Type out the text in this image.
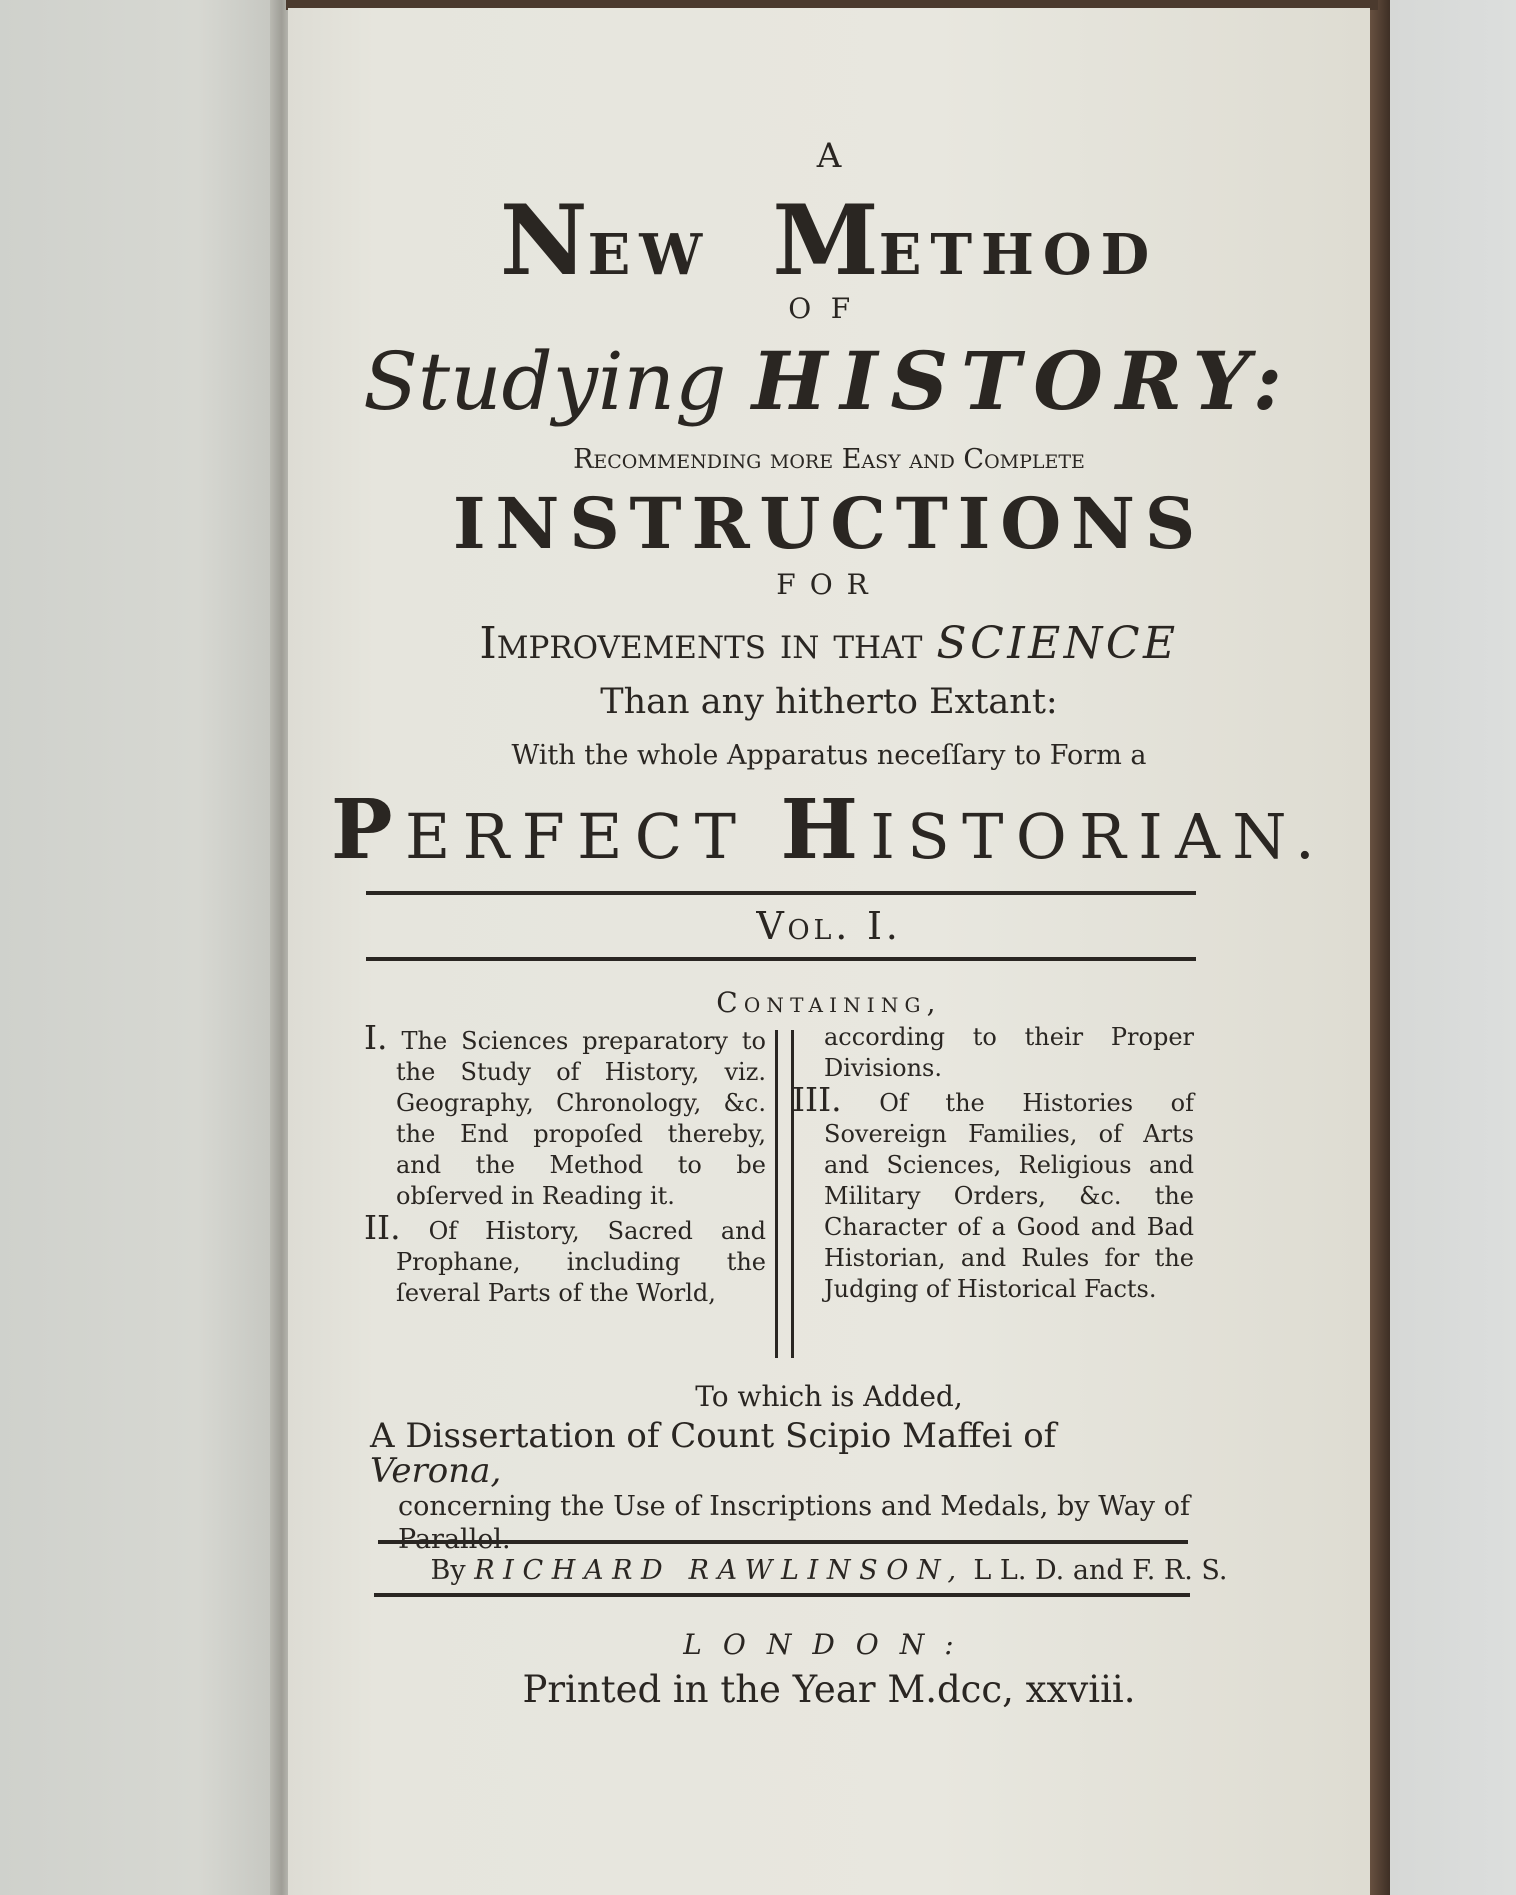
A
NEW METHOD
OF
Studying HISTORY:
Recommending more Easy and Complete
INSTRUCTIONS
FOR
Improvements in that SCIENCE
Than any hitherto Extant:
With the whole Apparatus neceſſary to Form a
PERFECT HISTORIAN.
Vol. I.
Containing,

I. The Sciences preparatory to the Study of History, viz. Geography, Chronology, &c. the End propoſed thereby, and the Method to be obſerved in Reading it.

II. Of History, Sacred and Prophane, including the ſeveral Parts of the World,

according to their Proper Divisions.

III. Of the Histories of Sovereign Families, of Arts and Sciences, Religious and Military Orders, &c. the Character of a Good and Bad Historian, and Rules for the Judging of Historical Facts.

To which is Added,
A Dissertation of Count Scipio Maffei of Verona,
concerning the Use of Inscriptions and Medals, by Way of
By RICHARD RAWLINSON, L L. D. and F. R. S.
LONDON:
Printed in the Year M.dcc, xxviii.
